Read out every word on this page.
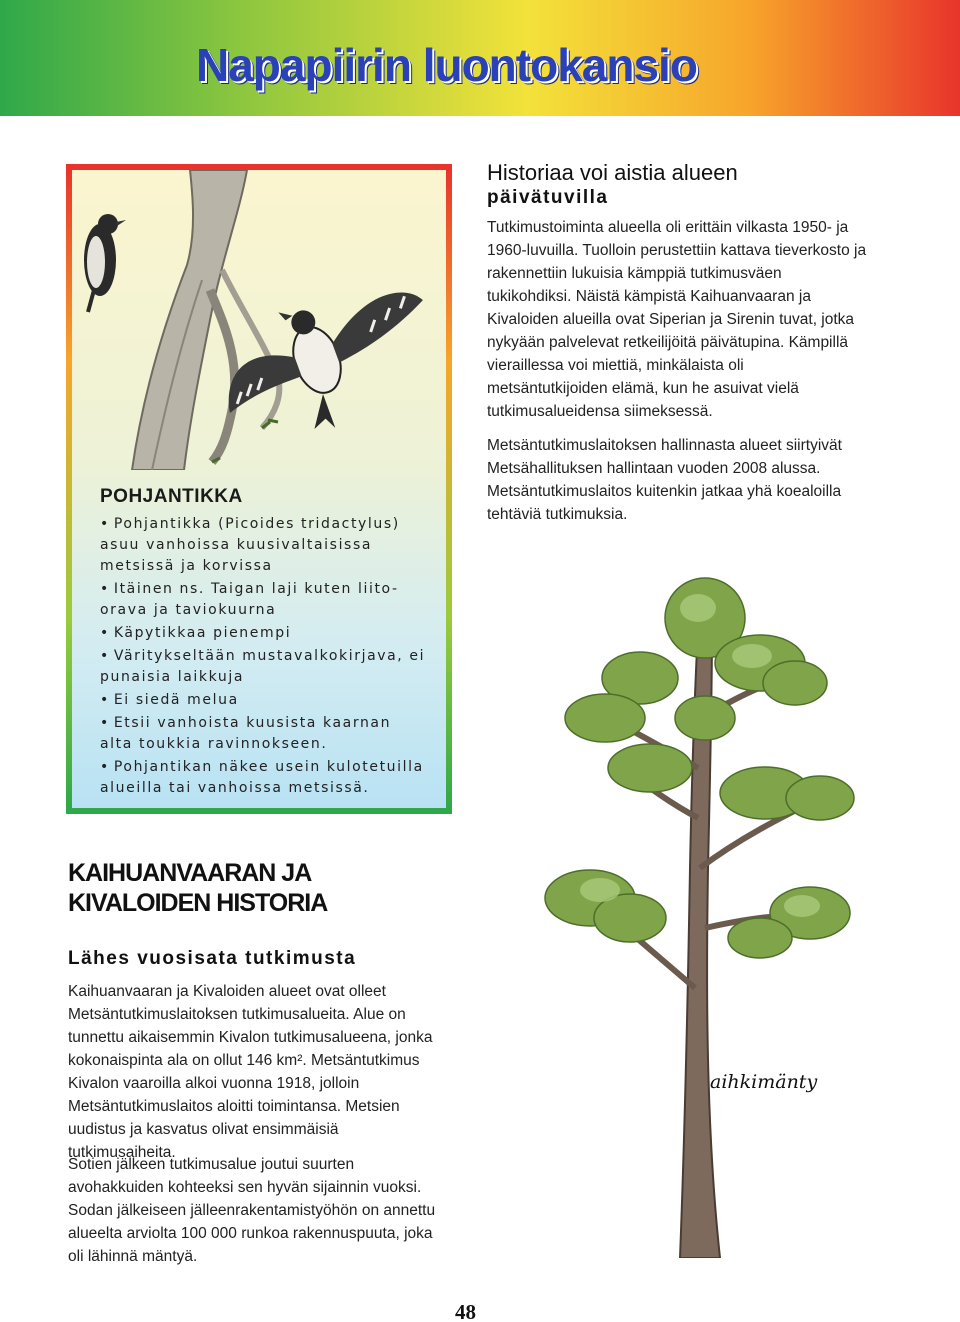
Napapiirin luontokansio
POHJANTIKKA
• Pohjantikka (Picoides tridactylus) asuu vanhoissa kuusivaltaisissa metsissä ja korvissa
• Itäinen ns. Taigan laji kuten liito-orava ja taviokuurna
• Käpytikkaa pienempi
• Väritykseltään mustavalkokirjava, ei punaisia laikkuja
• Ei siedä melua
• Etsii vanhoista kuusista kaarnan alta toukkia ravinnokseen.
• Pohjantikan näkee usein kulotetuilla alueilla tai vanhoissa metsissä.
Historiaa voi aistia alueen
päivätuvilla

Tutkimustoiminta alueella oli erittäin vilkasta 1950- ja 1960-luvuilla. Tuolloin perustettiin kattava tieverkosto ja rakennettiin lukuisia kämppiä tutkimusväen tukikohdiksi. Näistä kämpistä Kaihuanvaaran ja Kivaloiden alueilla ovat Siperian ja Sirenin tuvat, jotka nykyään palvelevat retkeilijöitä päivätupina. Kämpillä vieraillessa voi miettiä, minkälaista oli metsäntutkijoiden elämä, kun he asuivat vielä tutkimusalueidensa siimeksessä.

Metsäntutkimuslaitoksen hallinnasta alueet siirtyivät Metsähallituksen hallintaan vuoden 2008 alussa. Metsäntutkimuslaitos kuitenkin jatkaa yhä koealoilla tehtäviä tutkimuksia.

aihkimänty
KAIHUANVAARAN JA KIVALOIDEN HISTORIA
Lähes vuosisata tutkimusta

Kaihuanvaaran ja Kivaloiden alueet ovat olleet Metsäntutkimuslaitoksen tutkimusalueita. Alue on tunnettu aikaisemmin Kivalon tutkimusalueena, jonka kokonaispinta ala on ollut 146 km². Metsäntutkimus Kivalon vaaroilla alkoi vuonna 1918, jolloin Metsäntutkimuslaitos aloitti toimintansa. Metsien uudistus ja kasvatus olivat ensimmäisiä tutkimusaiheita.

Sotien jälkeen tutkimusalue joutui suurten avohakkuiden kohteeksi sen hyvän sijainnin vuoksi. Sodan jälkeiseen jälleenrakentamistyöhön on annettu alueelta arviolta 100 000 runkoa rakennuspuuta, joka oli lähinnä mäntyä.

48
